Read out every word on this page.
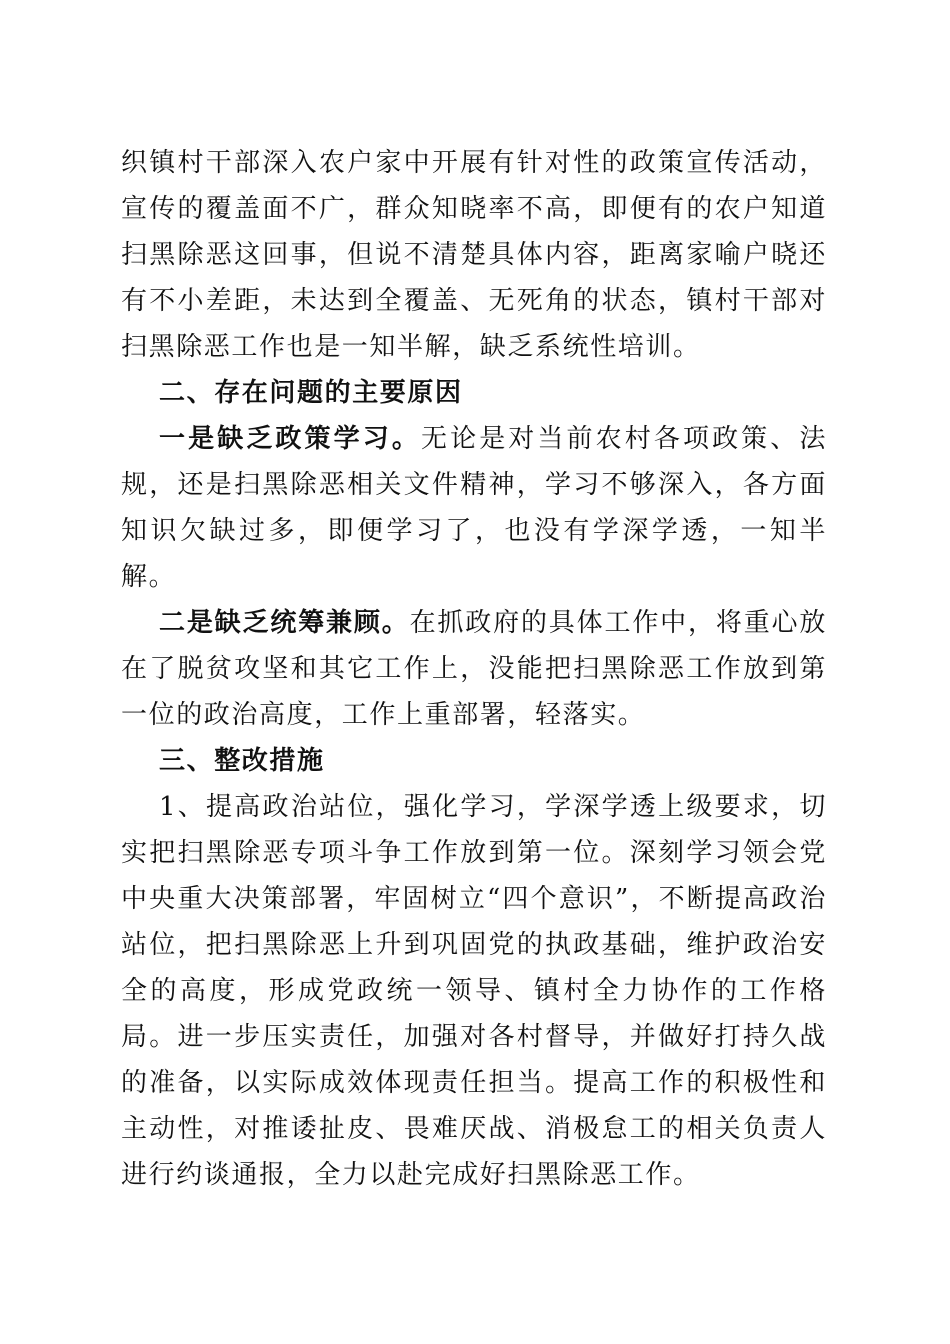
织镇村干部深入农户家中开展有针对性的政策宣传活动，宣传的覆盖面不广，群众知晓率不高，即便有的农户知道扫黑除恶这回事，但说不清楚具体内容，距离家喻户晓还有不小差距，未达到全覆盖、无死角的状态，镇村干部对扫黑除恶工作也是一知半解，缺乏系统性培训。

二、存在问题的主要原因

一是缺乏政策学习。无论是对当前农村各项政策、法规，还是扫黑除恶相关文件精神，学习不够深入，各方面知识欠缺过多，即便学习了，也没有学深学透，一知半解。

二是缺乏统筹兼顾。在抓政府的具体工作中，将重心放在了脱贫攻坚和其它工作上，没能把扫黑除恶工作放到第一位的政治高度，工作上重部署，轻落实。

三、整改措施

1、提高政治站位，强化学习，学深学透上级要求，切实把扫黑除恶专项斗争工作放到第一位。深刻学习领会党中央重大决策部署，牢固树立“四个意识”，不断提高政治站位，把扫黑除恶上升到巩固党的执政基础，维护政治安全的高度，形成党政统一领导、镇村全力协作的工作格局。进一步压实责任，加强对各村督导，并做好打持久战的准备，以实际成效体现责任担当。提高工作的积极性和主动性，对推诿扯皮、畏难厌战、消极怠工的相关负责人进行约谈通报，全力以赴完成好扫黑除恶工作。
